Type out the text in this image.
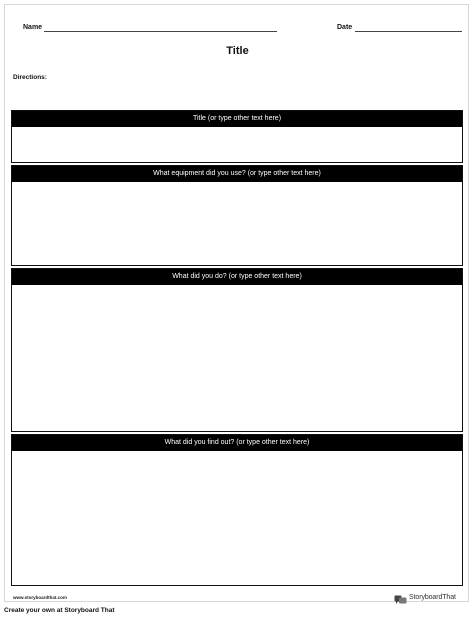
Name	Date
Title
Directions:
Title (or type other text here)
What equipment did you use? (or type other text here)
What did you do? (or type other text here)
What did you find out? (or type other text here)
www.storyboardthat.com	StoryboardThat
Create your own at Storyboard That
